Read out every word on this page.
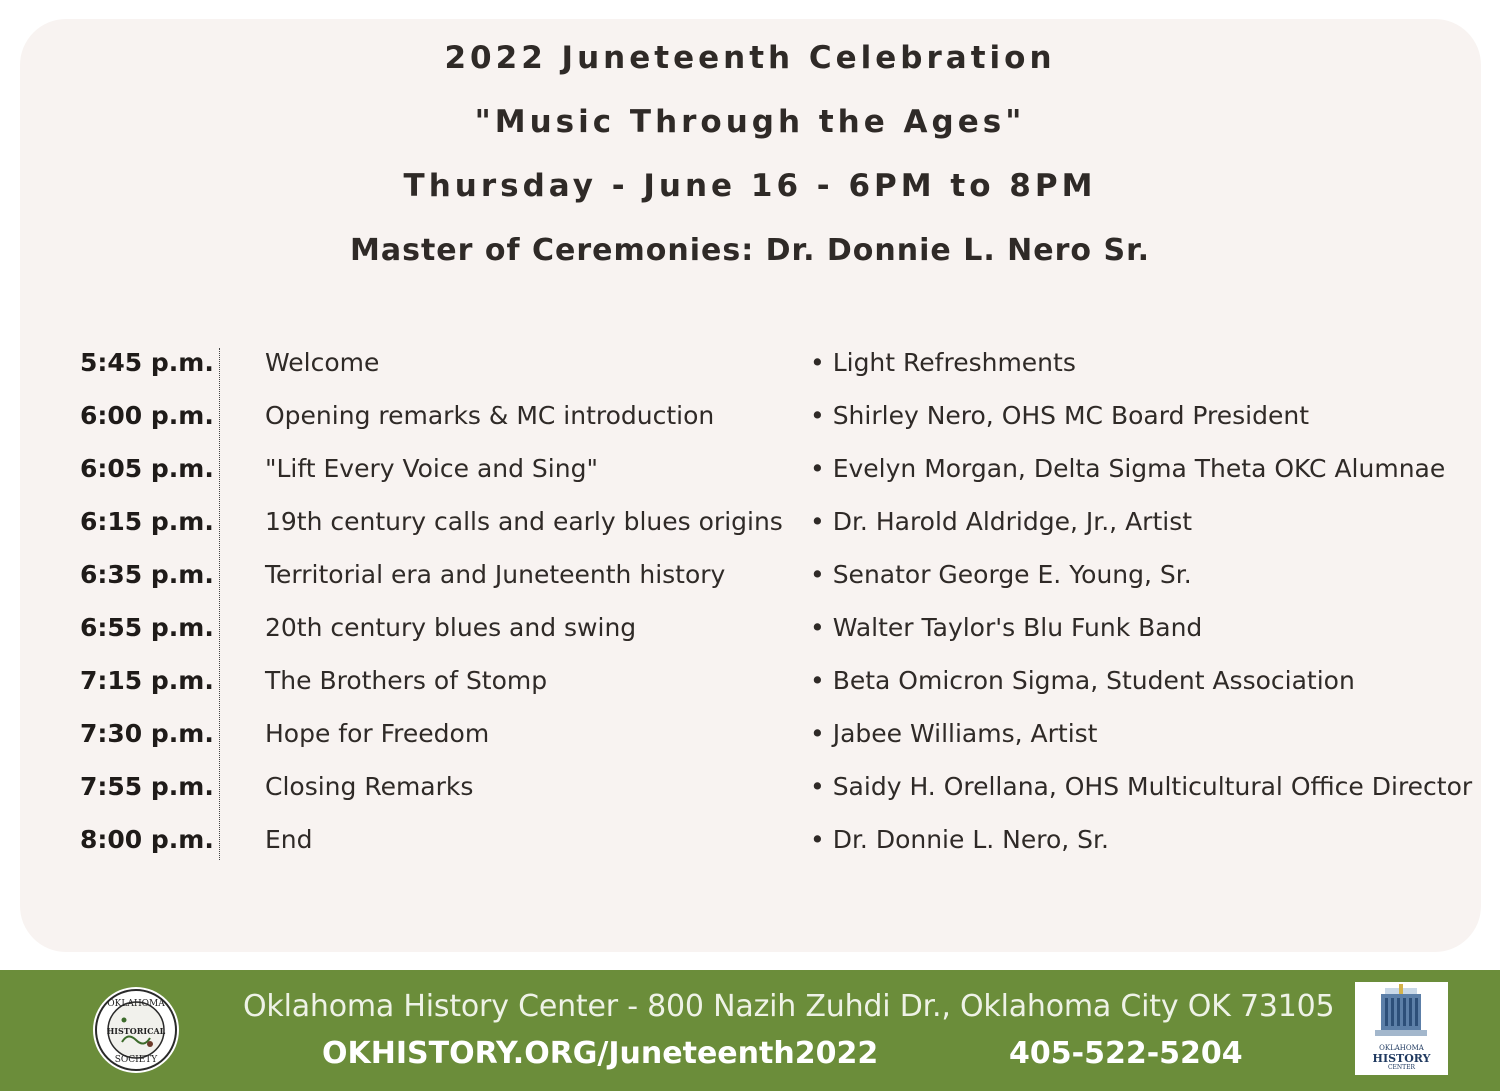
2022 Juneteenth Celebration
"Music Through the Ages"
Thursday - June 16 - 6PM to 8PM
Master of Ceremonies: Dr. Donnie L. Nero Sr.
5:45 p.m. Welcome	• Light Refreshments
6:00 p.m. Opening remarks & MC introduction	• Shirley Nero, OHS MC Board President
6:05 p.m. "Lift Every Voice and Sing"	• Evelyn Morgan, Delta Sigma Theta OKC Alumnae
6:15 p.m. 19th century calls and early blues origins • Dr. Harold Aldridge, Jr., Artist
6:35 p.m. Territorial era and Juneteenth history	• Senator George E. Young, Sr.
6:55 p.m. 20th century blues and swing	• Walter Taylor's Blu Funk Band
7:15 p.m. The Brothers of Stomp	• Beta Omicron Sigma, Student Association
7:30 p.m. Hope for Freedom	• Jabee Williams, Artist
7:55 p.m. Closing Remarks	• Saidy H. Orellana, OHS Multicultural Office Director
8:00 p.m. End	• Dr. Donnie L. Nero, Sr.
OKLAHOMA
HISTORICAL
SOCIETY
Oklahoma History Center - 800 Nazih Zuhdi Dr., Oklahoma City OK 73105
OKHISTORY.ORG/Juneteenth2022	405-522-5204	OKLAHOMA
HISTORY
CENTER
